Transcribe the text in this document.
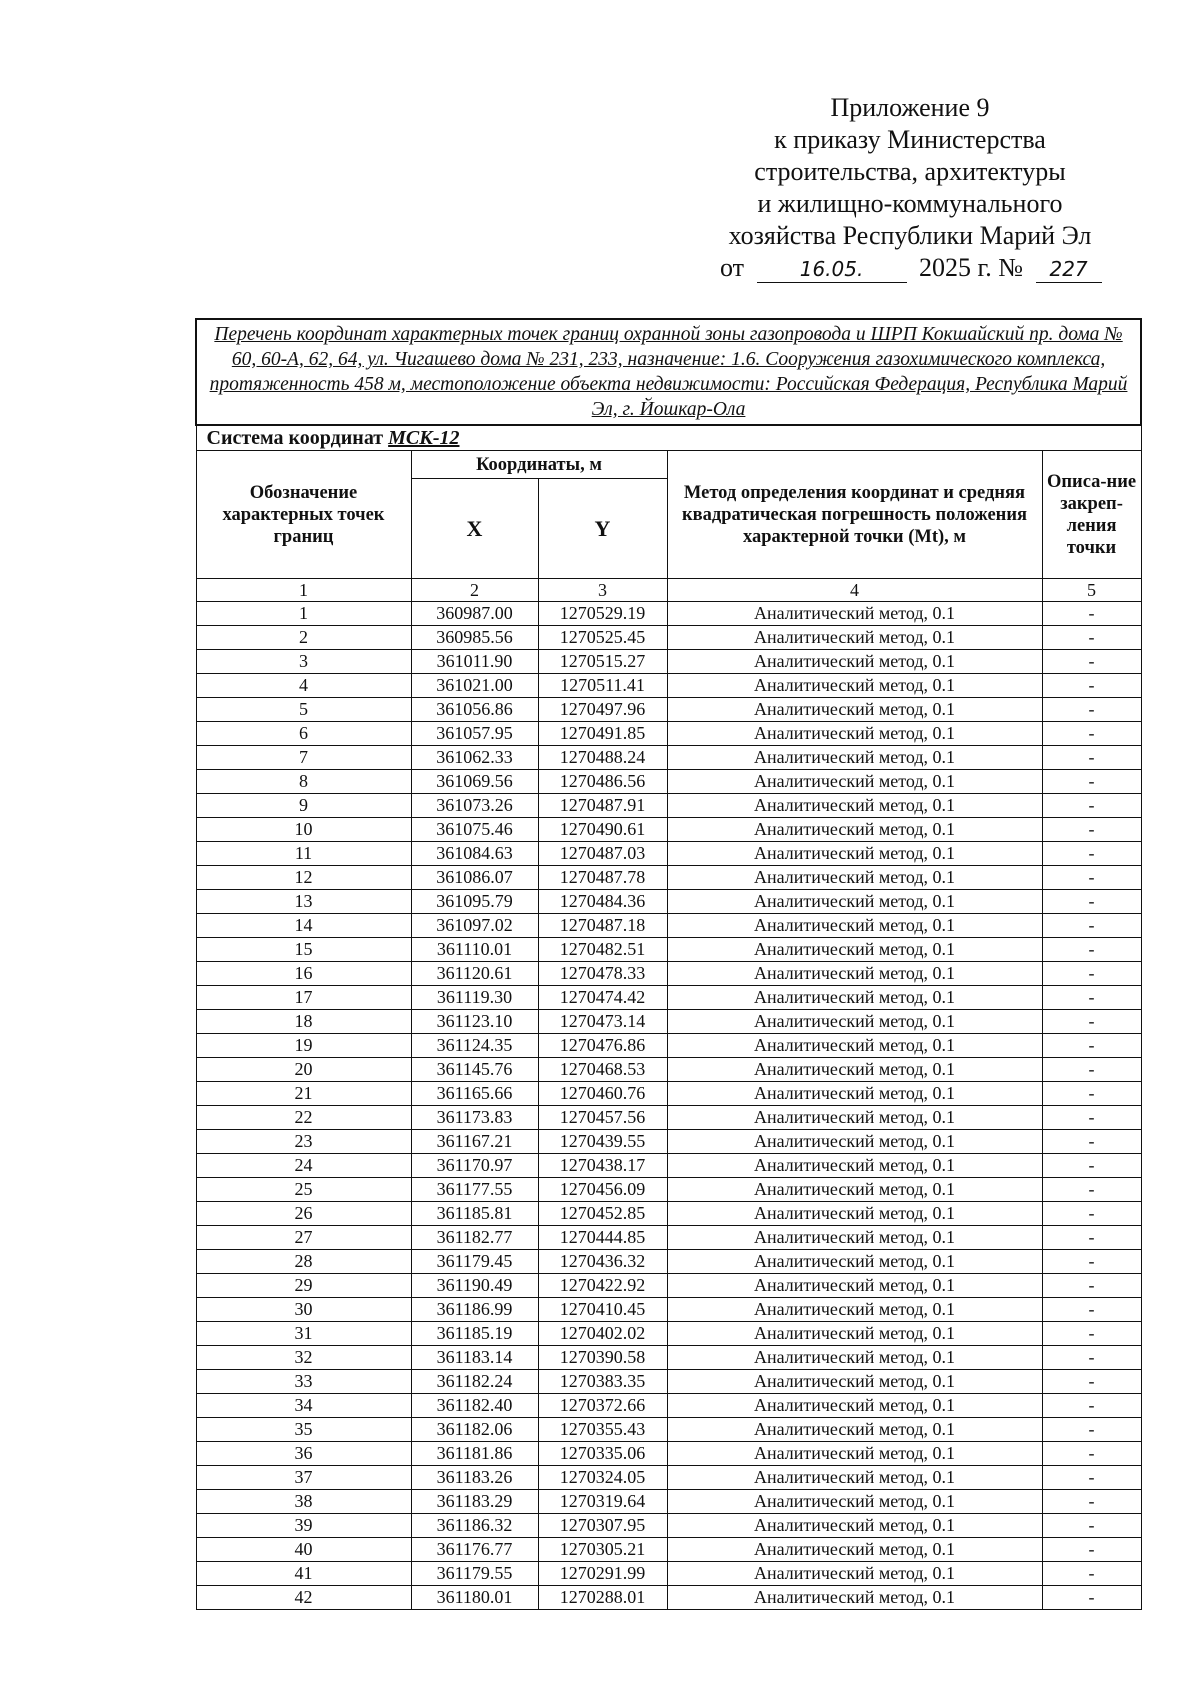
Приложение 9
к приказу Министерства
строительства, архитектуры
и жилищно-коммунального
хозяйства Республики Марий Эл
от	16.05. 2025 г. № 227
Перечень координат характерных точек границ охранной зоны газопровода и ШРП Кокшайский пр. дома № 60, 60-А, 62, 64, ул. Чигашево дома № 231, 233, назначение: 1.6. Сооружения газохимического комплекса, протяженность 458 м, местоположение объекта недвижимости: Российская Федерация, Республика Марий Эл, г. Йошкар-Ола				
Система координат МСК-12				
Обозначение характерных точек границ	Координаты, м		Метод определения координат и средняя квадратическая погрешность положения характерной точки (Mt), м	Описа-ние закреп-ления точки
	X	Y		
1	2	3	4	5
1	360987.00	1270529.19	Аналитический метод, 0.1	-
2	360985.56	1270525.45	Аналитический метод, 0.1	-
3	361011.90	1270515.27	Аналитический метод, 0.1	-
4	361021.00	1270511.41	Аналитический метод, 0.1	-
5	361056.86	1270497.96	Аналитический метод, 0.1	-
6	361057.95	1270491.85	Аналитический метод, 0.1	-
7	361062.33	1270488.24	Аналитический метод, 0.1	-
8	361069.56	1270486.56	Аналитический метод, 0.1	-
9	361073.26	1270487.91	Аналитический метод, 0.1	-
10	361075.46	1270490.61	Аналитический метод, 0.1	-
11	361084.63	1270487.03	Аналитический метод, 0.1	-
12	361086.07	1270487.78	Аналитический метод, 0.1	-
13	361095.79	1270484.36	Аналитический метод, 0.1	-
14	361097.02	1270487.18	Аналитический метод, 0.1	-
15	361110.01	1270482.51	Аналитический метод, 0.1	-
16	361120.61	1270478.33	Аналитический метод, 0.1	-
17	361119.30	1270474.42	Аналитический метод, 0.1	-
18	361123.10	1270473.14	Аналитический метод, 0.1	-
19	361124.35	1270476.86	Аналитический метод, 0.1	-
20	361145.76	1270468.53	Аналитический метод, 0.1	-
21	361165.66	1270460.76	Аналитический метод, 0.1	-
22	361173.83	1270457.56	Аналитический метод, 0.1	-
23	361167.21	1270439.55	Аналитический метод, 0.1	-
24	361170.97	1270438.17	Аналитический метод, 0.1	-
25	361177.55	1270456.09	Аналитический метод, 0.1	-
26	361185.81	1270452.85	Аналитический метод, 0.1	-
27	361182.77	1270444.85	Аналитический метод, 0.1	-
28	361179.45	1270436.32	Аналитический метод, 0.1	-
29	361190.49	1270422.92	Аналитический метод, 0.1	-
30	361186.99	1270410.45	Аналитический метод, 0.1	-
31	361185.19	1270402.02	Аналитический метод, 0.1	-
32	361183.14	1270390.58	Аналитический метод, 0.1	-
33	361182.24	1270383.35	Аналитический метод, 0.1	-
34	361182.40	1270372.66	Аналитический метод, 0.1	-
35	361182.06	1270355.43	Аналитический метод, 0.1	-
36	361181.86	1270335.06	Аналитический метод, 0.1	-
37	361183.26	1270324.05	Аналитический метод, 0.1	-
38	361183.29	1270319.64	Аналитический метод, 0.1	-
39	361186.32	1270307.95	Аналитический метод, 0.1	-
40	361176.77	1270305.21	Аналитический метод, 0.1	-
41	361179.55	1270291.99	Аналитический метод, 0.1	-
42	361180.01	1270288.01	Аналитический метод, 0.1	-
